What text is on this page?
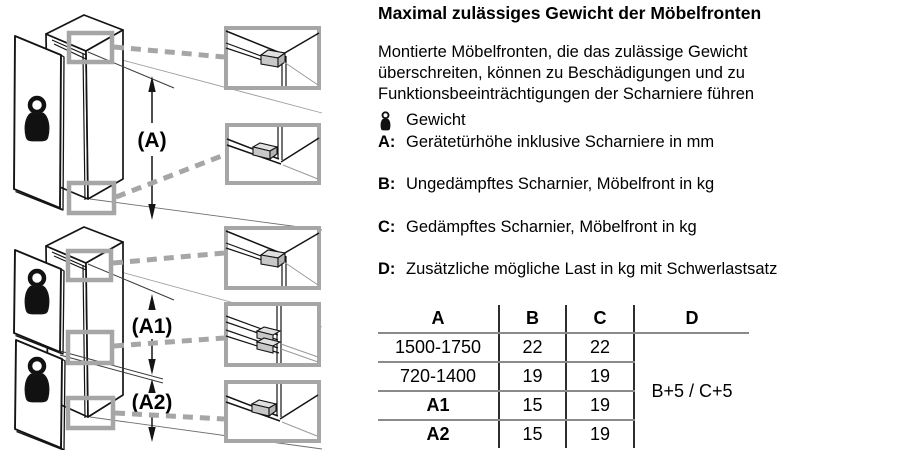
(A)
(A1)
(A2)
Maximal zulässiges Gewicht der Möbelfronten
Montierte Möbelfronten, die das zulässige Gewicht
überschreiten, können zu Beschädigungen und zu
Funktionsbeeinträchtigungen der Scharniere führen
Gewicht
A: Gerätetürhöhe inklusive Scharniere in mm
B: Ungedämpftes Scharnier, Möbelfront in kg
C: Gedämpftes Scharnier, Möbelfront in kg
D: Zusätzliche mögliche Last in kg mit Schwerlastsatz
A	B	C	D
1500-1750	22	22	B+5 / C+5
720-1400	19	19	
A1	15	19	
A2	15	19	
